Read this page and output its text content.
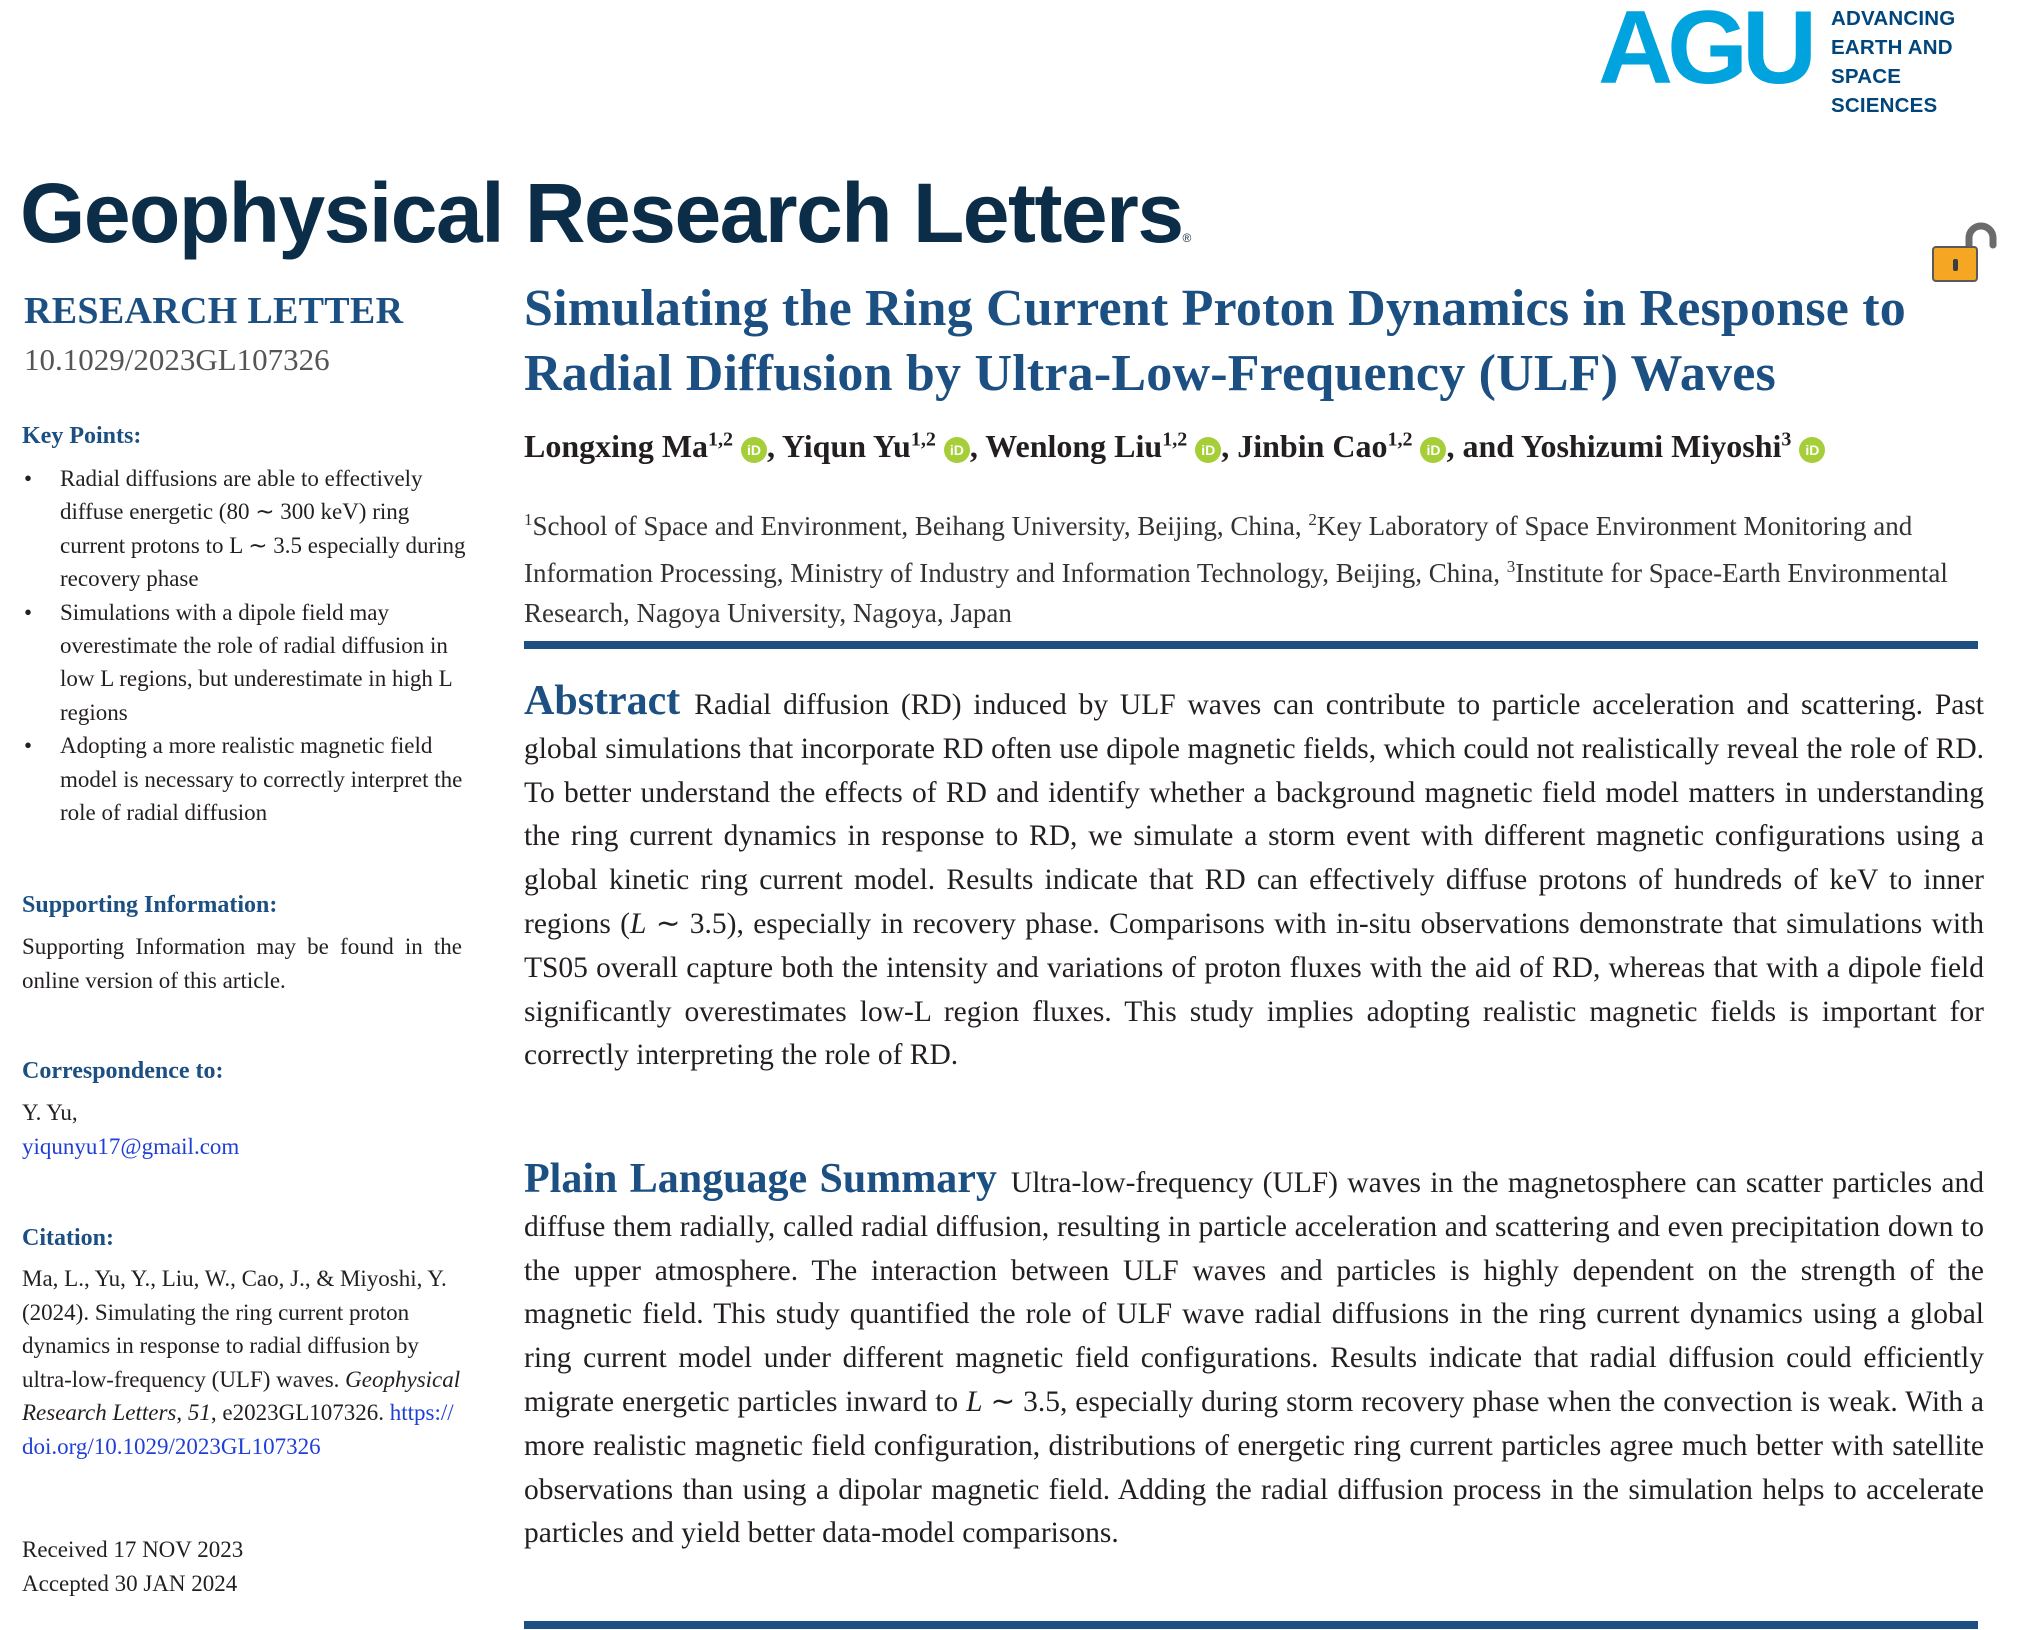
AGU ADVANCING
EARTH AND
SPACE SCIENCES
Geophysical Research Letters®
RESEARCH LETTER
10.1029/2023GL107326
Key Points:
• Radial diffusions are able to effectively diffuse energetic (80 ∼ 300 keV) ring current protons to L ∼ 3.5 especially during recovery phase
• Simulations with a dipole field may overestimate the role of radial diffusion in low L regions, but underestimate in high L regions
• Adopting a more realistic magnetic field model is necessary to correctly interpret the role of radial diffusion
Supporting Information:
Supporting Information may be found in the online version of this article.
Correspondence to:
Y. Yu,
yiqunyu17@gmail.com
Citation:
Ma, L., Yu, Y., Liu, W., Cao, J., & Miyoshi, Y. (2024). Simulating the ring current proton dynamics in response to radial diffusion by ultra-low-frequency (ULF) waves. Geophysical Research Letters, 51, e2023GL107326. https://doi.org/10.1029/2023GL107326
Received 17 NOV 2023
Accepted 30 JAN 2024
Simulating the Ring Current Proton Dynamics in Response to Radial Diffusion by Ultra-Low-Frequency (ULF) Waves
Longxing Ma$^{1,2}$ iD , Yiqun Yu$^{1,2}$ iD , Wenlong Liu$^{1,2}$ iD , Jinbin Cao$^{1,2}$ iD , and Yoshizumi Miyoshi$^3$ iD
$^1$School of Space and Environment, Beihang University, Beijing, China, $^2$Key Laboratory of Space Environment Monitoring and Information Processing, Ministry of Industry and Information Technology, Beijing, China, $^3$Institute for Space-Earth Environmental Research, Nagoya University, Nagoya, Japan
Abstract Radial diffusion (RD) induced by ULF waves can contribute to particle acceleration and scattering. Past global simulations that incorporate RD often use dipole magnetic fields, which could not realistically reveal the role of RD. To better understand the effects of RD and identify whether a background magnetic field model matters in understanding the ring current dynamics in response to RD, we simulate a storm event with different magnetic configurations using a global kinetic ring current model. Results indicate that RD can effectively diffuse protons of hundreds of keV to inner regions (L ∼ 3.5), especially in recovery phase. Comparisons with in-situ observations demonstrate that simulations with TS05 overall capture both the intensity and variations of proton fluxes with the aid of RD, whereas that with a dipole field significantly overestimates low-L region fluxes. This study implies adopting realistic magnetic fields is important for correctly interpreting the role of RD.
Plain Language Summary Ultra-low-frequency (ULF) waves in the magnetosphere can scatter particles and diffuse them radially, called radial diffusion, resulting in particle acceleration and scattering and even precipitation down to the upper atmosphere. The interaction between ULF waves and particles is highly dependent on the strength of the magnetic field. This study quantified the role of ULF wave radial diffusions in the ring current dynamics using a global ring current model under different magnetic field configurations. Results indicate that radial diffusion could efficiently migrate energetic particles inward to L ∼ 3.5, especially during storm recovery phase when the convection is weak. With a more realistic magnetic field configuration, distributions of energetic ring current particles agree much better with satellite observations than using a dipolar magnetic field. Adding the radial diffusion process in the simulation helps to accelerate particles and yield better data-model comparisons.
